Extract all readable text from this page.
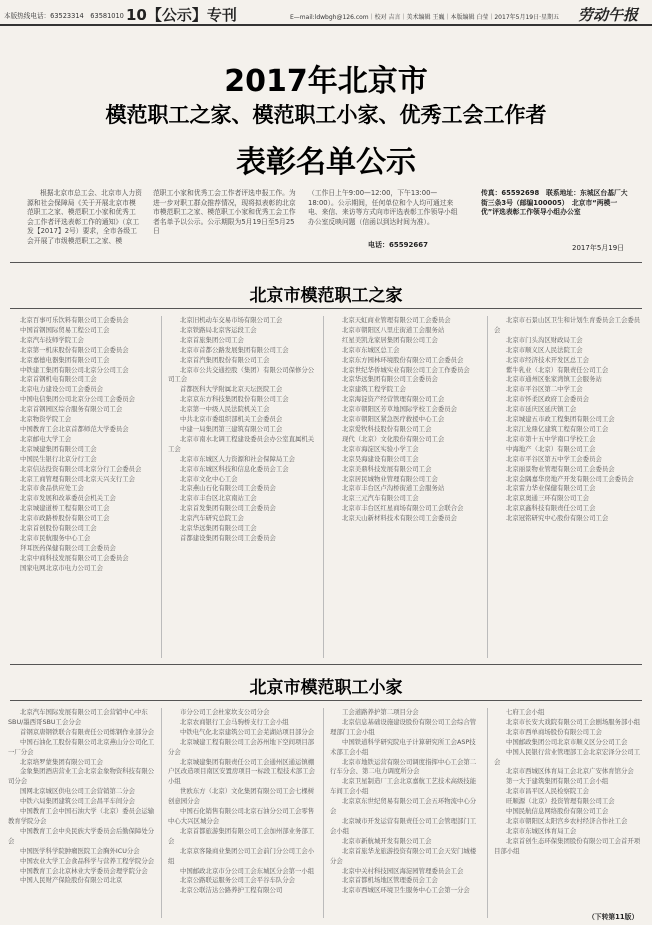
本版热线电话：63523314　63581010 10【公示】专刊	E—mail:ldwbgh@126.com｜校对 吉言｜美术编辑 王巍｜本版编辑 白莹｜2017年5月19日·星期五 劳动午报
2017年北京市
模范职工之家、模范职工小家、优秀工会工作者
表彰名单公示
根据北京市总工会、北京市人力资源和社会保障局《关于开展北京市模范职工之家、模范职工小家和优秀工会工作者评选表彰工作的通知》（京工发【2017】2号）要求，全市各级工会开展了市级模范职工之家、模
范职工小家和优秀工会工作者评选申报工作。为进一步对职工群众推荐情况，现将拟表彰的北京市模范职工之家、模范职工小家和优秀工会工作者名单予以公示。公示期限为5月19日至5月25日
（工作日上午9:00—12:00，下午13:00—18:00）。公示期间，任何单位和个人均可通过来电、来信、来访等方式向市评选表彰工作领导小组办公室反映问题（信函以到达时间为准）。
传真：65592698　联系地址：东城区台基厂大街三条3号（邮编100005）　北京市“两模一优”评选表彰工作领导小组办公室
电话：65592667	2017年5月19日
北京市模范职工之家
北京百事可乐饮料有限公司工会委员会
中国首钢国际贸易工程公司工会
北京汽车技师学院工会
北京第一机床股份有限公司工会委员会
北京嘉德电器集团有限公司工会
中铁建工集团有限公司北京分公司工会
北京首钢机电有限公司工会
北京电力建设公司工会委员会
中国电信集团公司北京分公司工会委员会
北京首钢园区综合服务有限公司工会
北京物资学院工会
中国教育工会北京首都师范大学委员会
北京邮电大学工会
北京城建集团有限公司工会
中国民生银行北京分行工会
北京信达投资有限公司北京分行工会委员会
北京工商管理有限公司北京天兴支行工会
北京市食品供应处工会
北京市发展和改革委员会机关工会
北京城建道桥工程有限公司工会
北京市政路桥股份有限公司工会
北京首创股份有限公司工会
北京市民航服务中心工会
拜耳医药保健有限公司工会委员会
北京中商科技发展有限公司工会委员会
国家电网北京市电力公司工会
北京旧机动车交易市场有限公司工会
北京铁路局北京客运段工会
北京首旅集团公司工会
北京市首都公路发展集团有限公司工会
北京首汽集团股份有限公司工会
北京市公共交通控股（集团）有限公司保修分公司工会
首都医科大学附属北京天坛医院工会
北京京东方科技集团股份有限公司工会
北京第一中级人民法院机关工会
中共北京市委组织部机关工会委员会
中建一局集团第三建筑有限公司工会
北京市南水北调工程建设委员会办公室直属机关工会
北京市东城区人力资源和社会保障局工会
北京市东城区科技和信息化委员会工会
北京市文化中心工会
北京燕山石化有限公司工会委员会
北京市丰台区北京南站工会
北京首发集团有限公司工会委员会
北京汽车研究总院工会
北京华远集团有限公司工会
首都建设集团有限公司工会委员会
北京天虹商业管理有限公司工会委员会
北京市朝阳区八里庄街道工会服务站
红星美凯龙家居集团有限公司工会
北京市东城区总工会
北京东方园林环境股份有限公司工会委员会
北京世纪华侨城实业有限公司工会工作委员会
北京华远集团有限公司工会委员会
北京建筑工程学院工会
北京海淀资产经营管理有限公司工会
北京市朝阳区芳草地国际学校工会委员会
北京市朝阳区紧急医疗救援中心工会
北京爱牧科技股份有限公司工会
现代（北京）文化股份有限公司工会
北京市海淀区实验小学工会
北京昊海建设有限公司工会
北京美鼎科技发展有限公司工会
北京居民城物业管理有限公司工会
北京市丰台区卢沟桥街道工会服务站
北京三元汽车有限公司工会
北京市丰台区红星商场有限公司工会联合会
北京天山新材料技术有限公司工会委员会
北京市石景山区卫生和计划生育委员会工会委员会
北京市门头沟区财政局工会
北京市顺义区人民法院工会
北京市经济技术开发区总工会
紫牛乳业（北京）有限责任公司工会
北京市通州区张家湾镇工会服务站
北京市平谷区第二中学工会
北京市怀柔区政府工会委员会
北京市延庆区延庆镇工会
北京城建五市政工程集团有限公司工会
北京江龙鼎亿建筑工程有限公司工会
北京市第十五中学南口学校工会
中海地产（北京）有限公司工会
北京市平谷区第五中学工会委员会
北京丽景物业管理有限公司工会委员会
北京金隅嘉华房地产开发有限公司工会委员会
北京雷力华业保健有限公司工会
北京京奥通三环有限公司工会
北京京鑫科技有限责任公司工会
北京冠铭研究中心股份有限公司工会
北京市模范职工小家
北京汽车国际发展有限公司工会营销中心中东SBU/墨西哥SBU工会分会
首钢京唐钢铁联合有限责任公司炼钢作业部分会
中国石油化工股份有限公司北京燕山分公司化工一厂分会
北京培罗蒙集团有限公司工会
金象集团酒店营业工会北京金象物资科技有限公司分会
国网北京城区供电公司工会营销第二分会
中铁六局集团建筑公司工会昌平车间分会
中国教育工会中国石油大学（北京）委员会运输教育学院分会
中国教育工会中央民族大学委员会后勤保障处分会
中国医学科学院肿瘤医院工会胸外ICU分会
中国农业大学工会食品科学与营养工程学院分会
中国教育工会北京林业大学委员会理学院分会
中国人民财产保险股份有限公司北京
市分公司工会杜家坎支公司分会
北京农商银行工会马驹桥支行工会小组
中铁电气化北京建筑公司工会芜湖站项目部分会
北京城建工程有限公司工会苏州地下空间项目部分会
北京城建集团有限责任公司工会通州区通运镇棚户区改造项目南区安置房项目一标段工程技术部工会小组
世欧东方（北京）文化集团有限公司工会七棵树创意园分会
中国石化销售有限公司北京石油分公司工会零售中心大兴区城分会
北京首都旅游集团有限公司工会加州部业务部工会
北京京客隆商业集团公司工会前门分公司工会小组
中国邮政北京市分公司工会东城区分会第一小组
北京公路联运服务公司工会平谷车队分会
北京公联洁达公路养护工程有限公司
工会道路养护第二项目分会
北京信息基础设施建设股份有限公司工会综合管理部门工会小组
中国铁道科学研究院电子计算研究所工会ASP技术部工会小组
北京市地铁运营有限公司调度指挥中心工会第二行车分会、第二电力调度所分会
北京卫星制造厂工会北京嘉航工艺技术高级技能车间工会小组
北京京东世纪贸易有限公司工会五环物流中心分会
北京城市开发运营有限责任公司工会管理部门工会小组
北京市新航城开发有限公司工会
北京首旅华龙旅游投资有限公司工会天安门城楼分会
北京中关村科技园区海淀园管理委员会工会
北京首都机场地区管理委员会工会
北京市西城区环境卫生服务中心工会第一分会
七府工会小组
北京市长安大戏院有限公司工会剧场服务部小组
北京市西单商场股份有限公司工会
中国邮政集团公司北京市顺义区分公司工会
中国人民银行营业管理部工会北京宏泽分公司工会
北京市西城区体育局工会北京广安体育馆分会
第一大于建筑集团有限公司工会小组
北京市昌平区人民检察院工会
旺顺源（北京）投资管理有限公司工会
中国民航信息网络股份有限公司工会
北京市朝阳区太阳宫乡农村经济合作社工会
北京市东城区体育局工会
北京首创生态环保集团股份有限公司工会首开项目部小组
（下转第11版）
